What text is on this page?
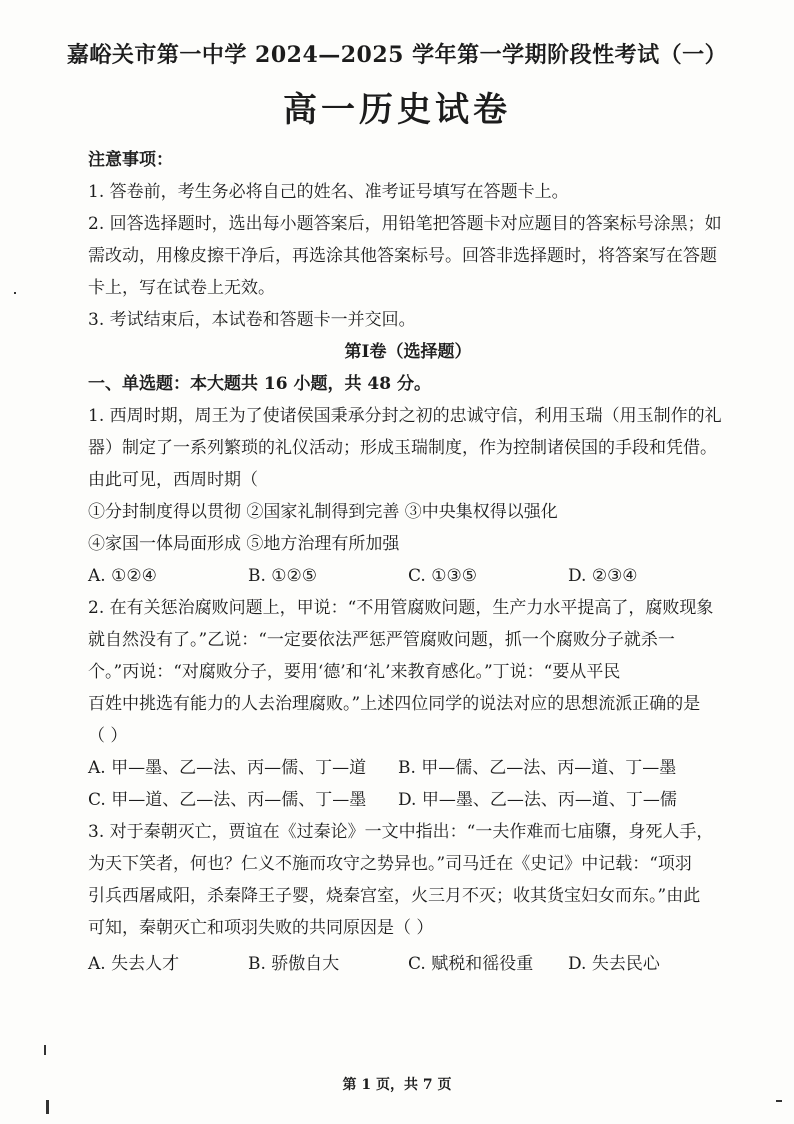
嘉峪关市第一中学 2024—2025 学年第一学期阶段性考试（一）
高一历史试卷
注意事项：
1. 答卷前，考生务必将自己的姓名、准考证号填写在答题卡上。
2. 回答选择题时，选出每小题答案后，用铅笔把答题卡对应题目的答案标号涂黑；如
需改动，用橡皮擦干净后，再选涂其他答案标号。回答非选择题时，将答案写在答题
卡上，写在试卷上无效。
3. 考试结束后，本试卷和答题卡一并交回。
第Ⅰ卷（选择题）
一、单选题：本大题共 16 小题，共 48 分。
1. 西周时期，周王为了使诸侯国秉承分封之初的忠诚守信，利用玉瑞（用玉制作的礼
器）制定了一系列繁琐的礼仪活动；形成玉瑞制度，作为控制诸侯国的手段和凭借。
由此可见，西周时期（
①分封制度得以贯彻 ②国家礼制得到完善 ③中央集权得以强化
④家国一体局面形成 ⑤地方治理有所加强
A. ①②④	B. ①②⑤	C. ①③⑤	D. ②③④
2. 在有关惩治腐败问题上，甲说：“不用管腐败问题，生产力水平提高了，腐败现象
就自然没有了。”乙说：“一定要依法严惩严管腐败问题，抓一个腐败分子就杀一
个。”丙说：“对腐败分子，要用‘德’和‘礼’来教育感化。”丁说：“要从平民
百姓中挑选有能力的人去治理腐败。”上述四位同学的说法对应的思想流派正确的是
（ ）
A. 甲—墨、乙—法、丙—儒、丁—道	B. 甲—儒、乙—法、丙—道、丁—墨
C. 甲—道、乙—法、丙—儒、丁—墨	D. 甲—墨、乙—法、丙—道、丁—儒
3. 对于秦朝灭亡，贾谊在《过秦论》一文中指出：“一夫作难而七庙隳，身死人手，
为天下笑者，何也？仁义不施而攻守之势异也。”司马迁在《史记》中记载：“项羽
引兵西屠咸阳，杀秦降王子婴，烧秦宫室，火三月不灭；收其货宝妇女而东。”由此
可知，秦朝灭亡和项羽失败的共同原因是（ ）
A. 失去人才	B. 骄傲自大	C. 赋税和徭役重	D. 失去民心
第 1 页，共 7 页
